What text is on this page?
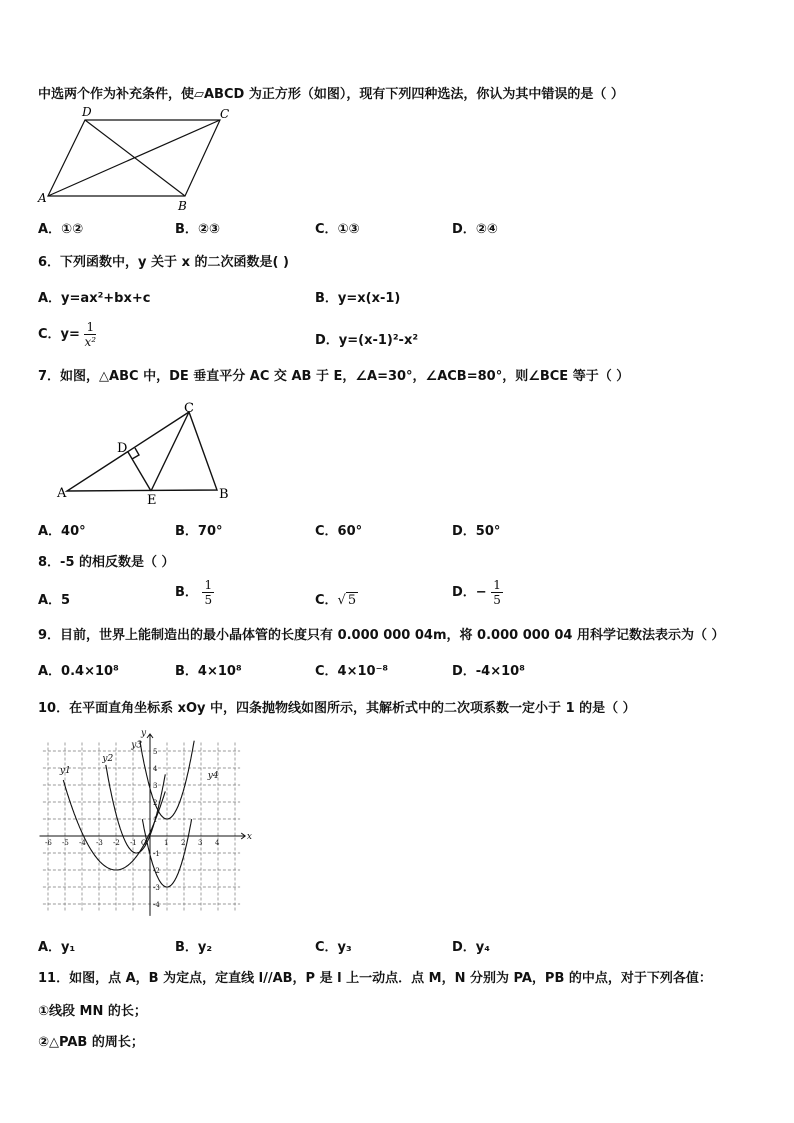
中选两个作为补充条件，使▱ABCD 为正方形（如图），现有下列四种选法，你认为其中错误的是（ ）
D	C
A
B
A．①②	B．②③	C．①③	D．②④
6．下列函数中，y 关于 x 的二次函数是( )
A．y=ax²+bx+c	B．y=x(x-1)
C．$y= \frac{1}{\text{x²}}$	D．y=(x-1)²-x²
7．如图，△ABC 中，DE 垂直平分 AC 交 AB 于 E，∠A=30°，∠ACB=80°，则∠BCE 等于（ ）
C
D
A	E	B
A．40°	B．70°	C．60°	D．50°
8．-5 的相反数是（ ）
A．5
B． $\frac{1}{5}$	C．√ 5
D．− $\frac{1}{5}$
9．目前，世界上能制造出的最小晶体管的长度只有 0.000 000 04m，将 0.000 000 04 用科学记数法表示为（ ）
A．0.4×10⁸	B．4×10⁸	C．4×10⁻⁸	D．-4×10⁸
10．在平面直角坐标系 xOy 中，四条抛物线如图所示，其解析式中的二次项系数一定小于 1 的是（ ）
-6 -5 -4 -3 -2 -1	1 2 3 4
5
4
3
2
1
-1
-2
-3
-4
x
y
O
y1
y2
y3
y4
A．y₁	B．y₂	C．y₃	D．y₄
11．如图，点 A，B 为定点，定直线 l//AB，P 是 l 上一动点．点 M，N 分别为 PA，PB 的中点，对于下列各值：
①线段 MN 的长；
②△PAB 的周长；
